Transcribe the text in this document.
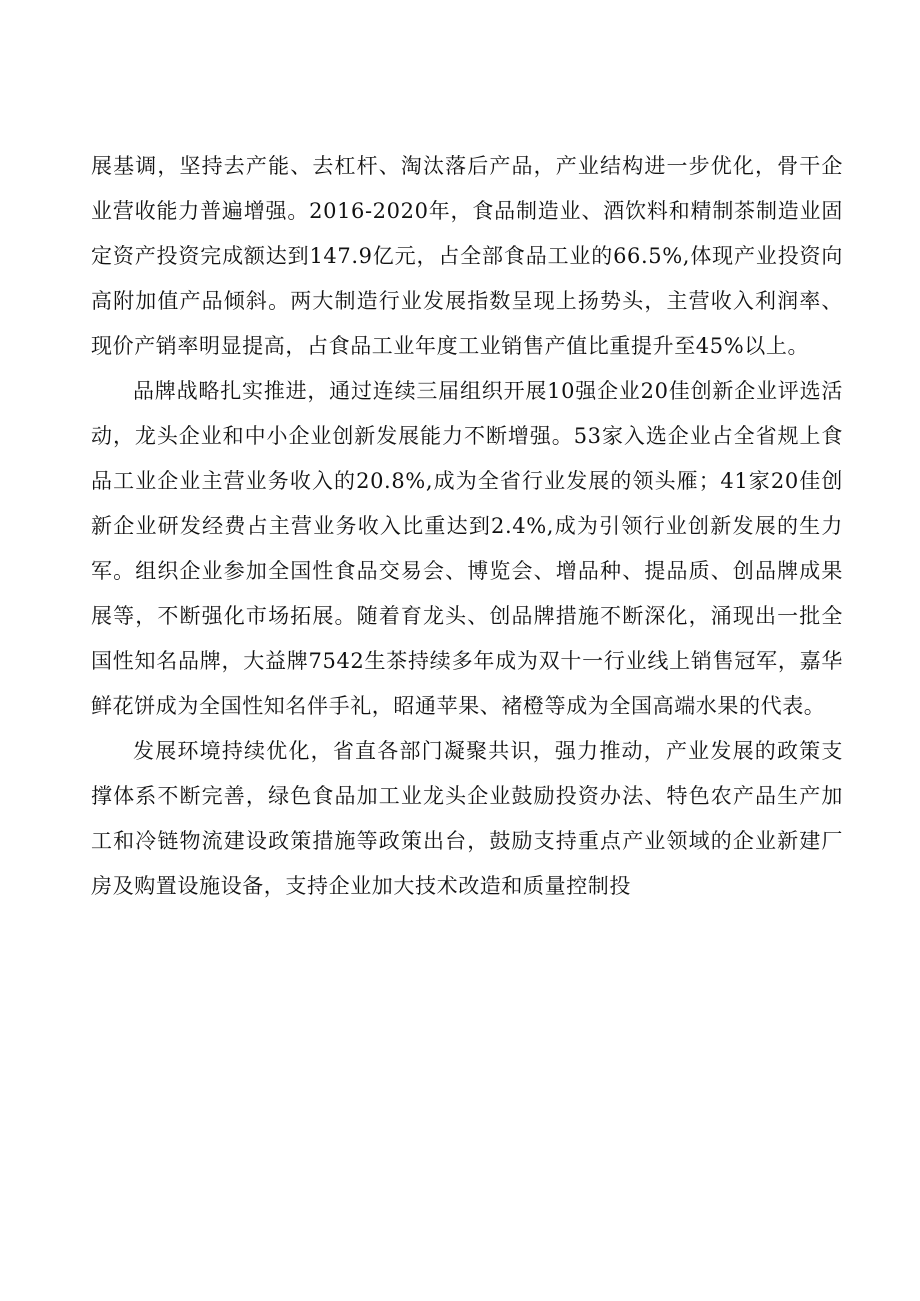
展基调，坚持去产能、去杠杆、淘汰落后产品，产业结构进一步优化，骨干企业营收能力普遍增强。2016-2020年，食品制造业、酒饮料和精制茶制造业固定资产投资完成额达到147.9亿元，占全部食品工业的66.5%,体现产业投资向高附加值产品倾斜。两大制造行业发展指数呈现上扬势头，主营收入利润率、现价产销率明显提高，占食品工业年度工业销售产值比重提升至45%以上。

品牌战略扎实推进，通过连续三届组织开展10强企业20佳创新企业评选活动，龙头企业和中小企业创新发展能力不断增强。53家入选企业占全省规上食品工业企业主营业务收入的20.8%,成为全省行业发展的领头雁；41家20佳创新企业研发经费占主营业务收入比重达到2.4%,成为引领行业创新发展的生力军。组织企业参加全国性食品交易会、博览会、增品种、提品质、创品牌成果展等，不断强化市场拓展。随着育龙头、创品牌措施不断深化，涌现出一批全国性知名品牌，大益牌7542生茶持续多年成为双十一行业线上销售冠军，嘉华鲜花饼成为全国性知名伴手礼，昭通苹果、褚橙等成为全国高端水果的代表。

发展环境持续优化，省直各部门凝聚共识，强力推动，产业发展的政策支撑体系不断完善，绿色食品加工业龙头企业鼓励投资办法、特色农产品生产加工和冷链物流建设政策措施等政策出台，鼓励支持重点产业领域的企业新建厂房及购置设施设备，支持企业加大技术改造和质量控制投
